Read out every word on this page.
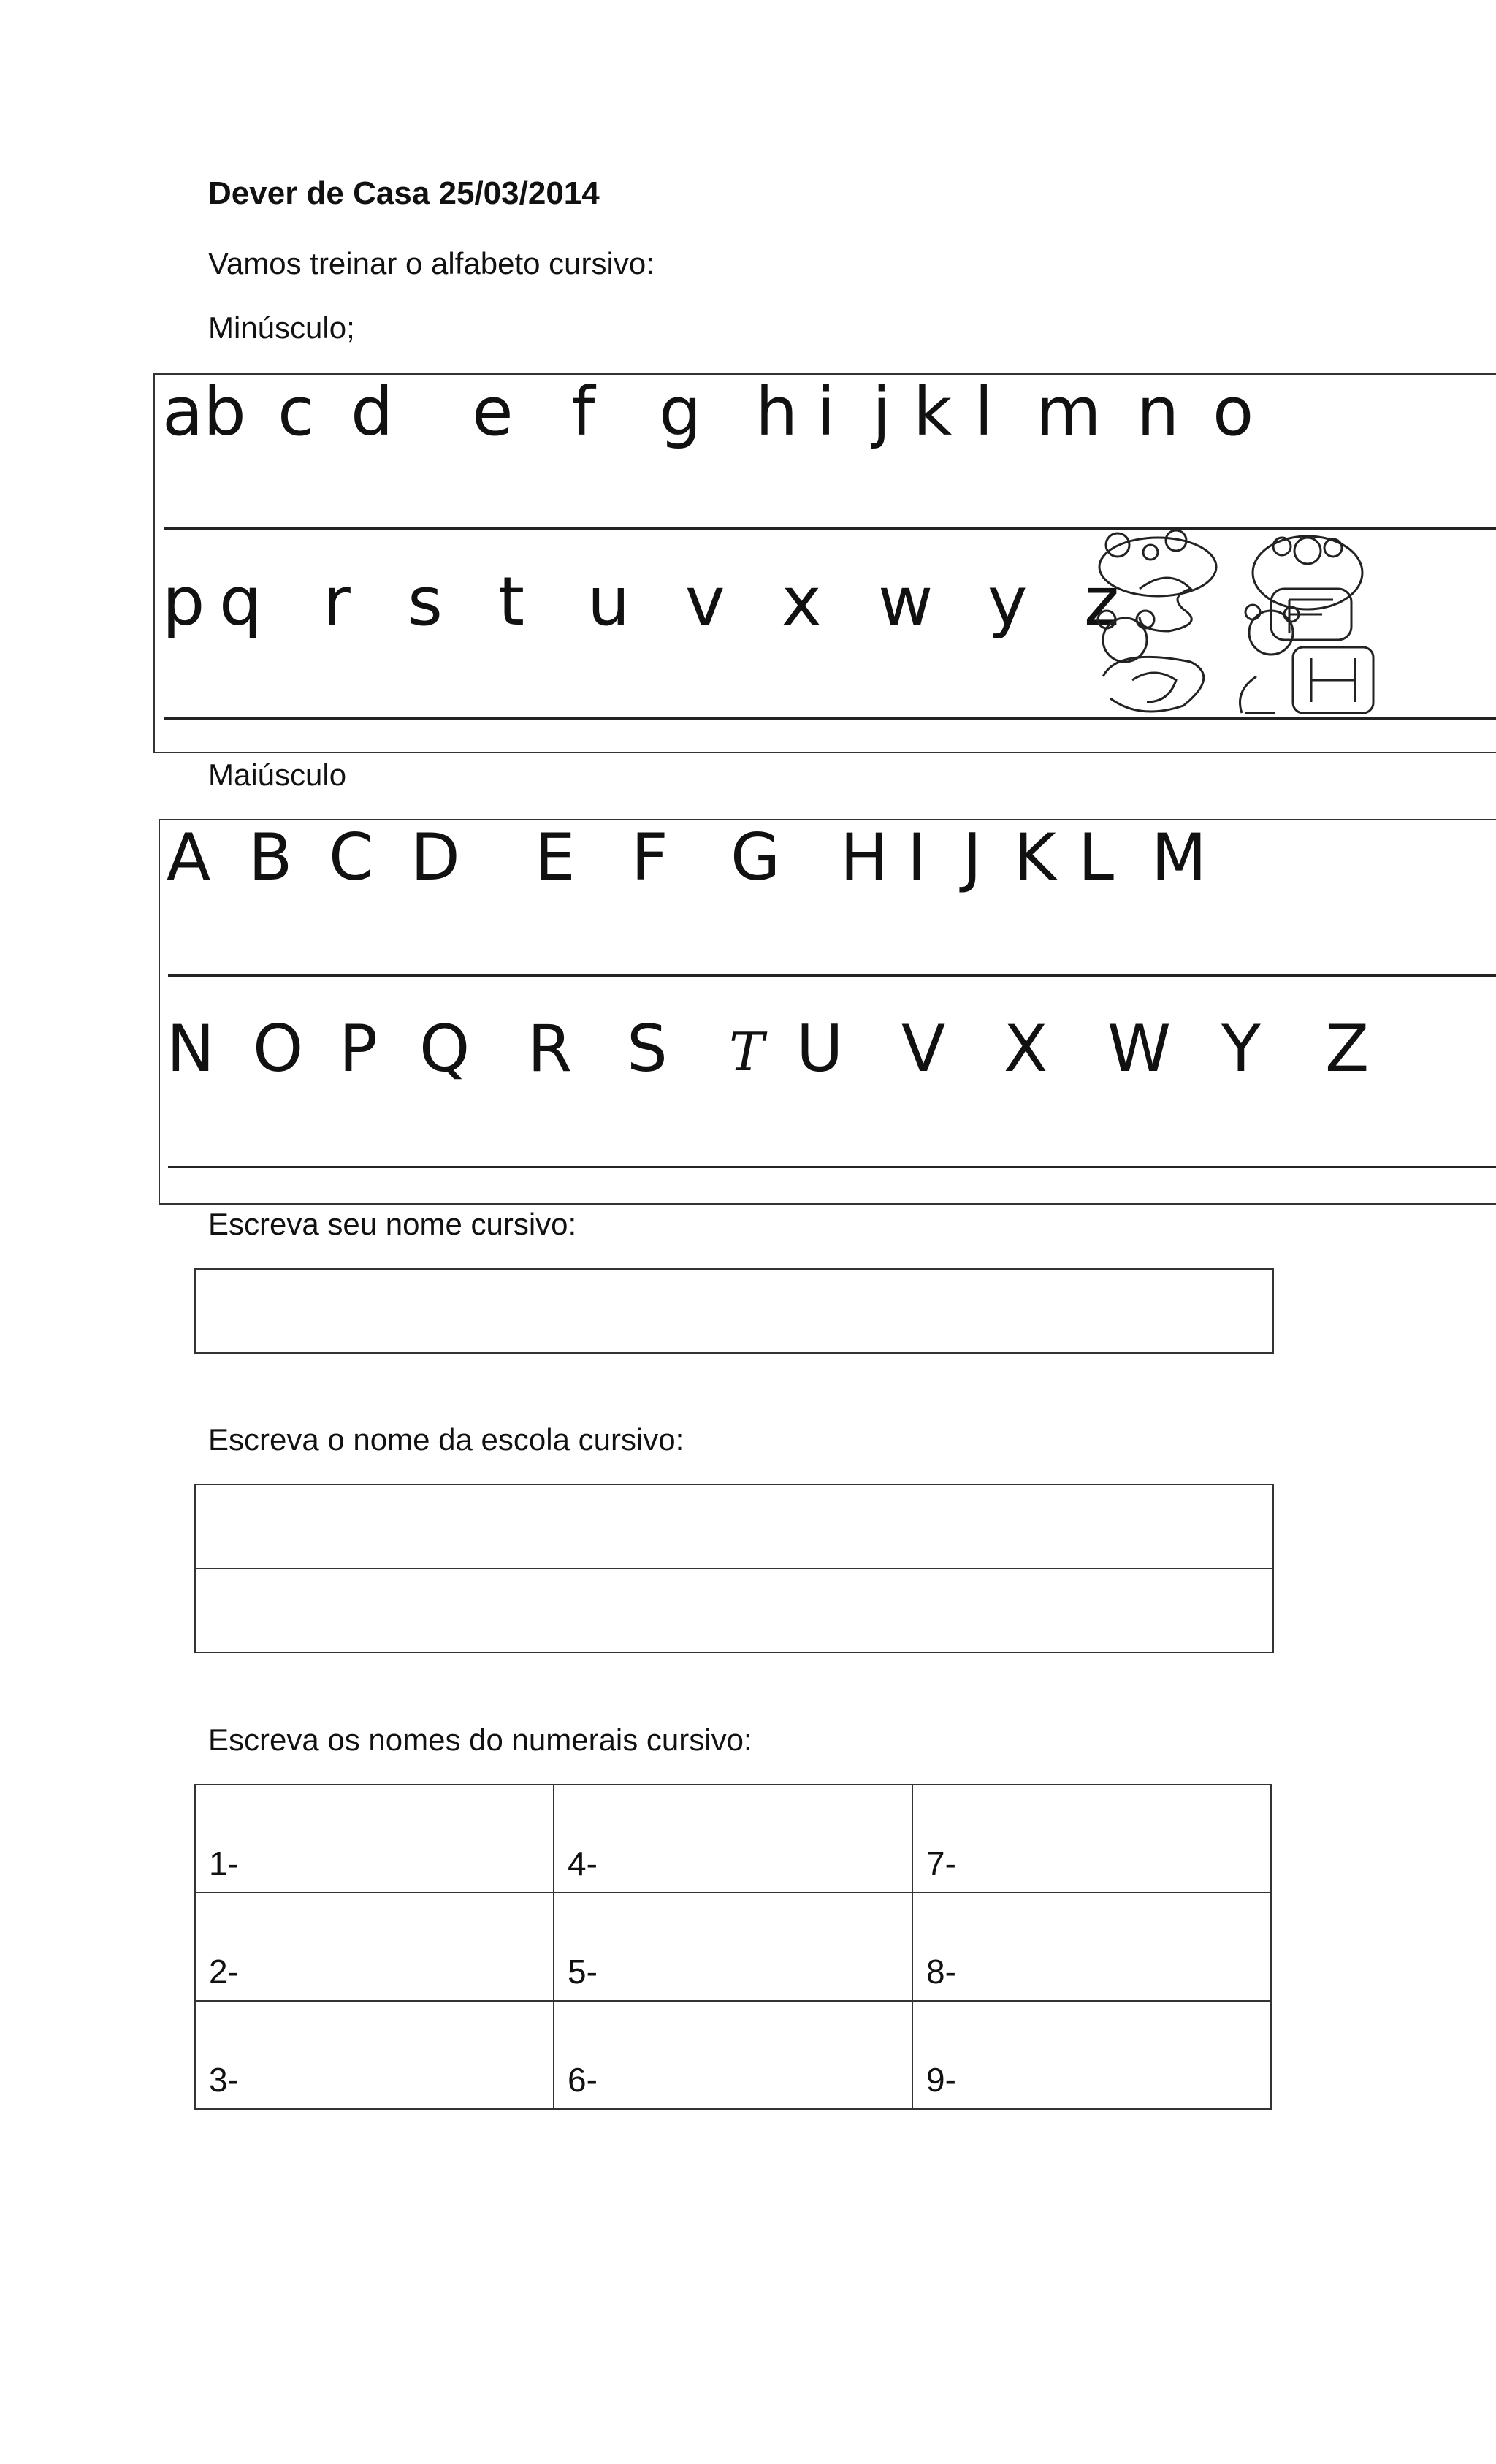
Dever de Casa 25/03/2014
Vamos treinar o alfabeto cursivo:
Minúsculo;
ab c d e f g h i j k l m n o
p q r s t u v x w y z
Maiúsculo
A B C D E F G H I J K L M
N O P Q R S T U V X W Y Z
Escreva seu nome cursivo:
Escreva o nome da escola cursivo:
Escreva os nomes do numerais cursivo:
1-	4-	7-
2-	5-	8-
3-	6-	9-
